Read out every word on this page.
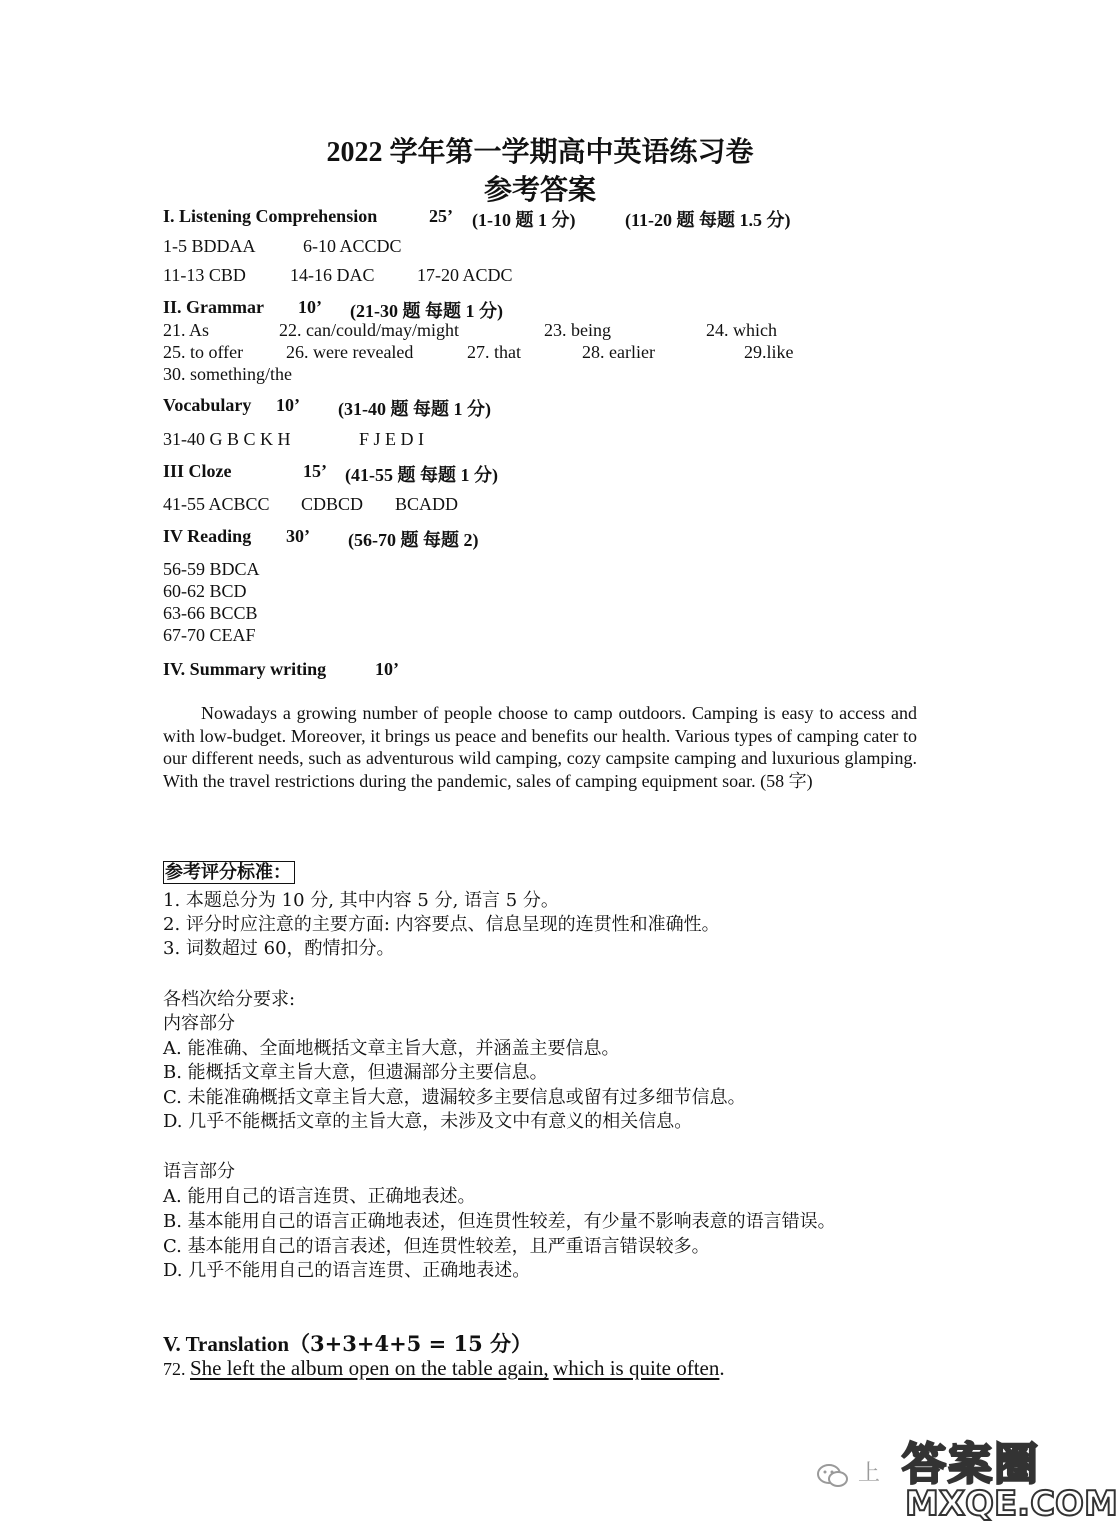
2022 学年第一学期高中英语练习卷
参考答案
I. Listening Comprehension	25’ (1-10 题 1 分)	(11-20 题 每题 1.5 分)
1-5 BDDAA	6-10 ACCDC
11-13 CBD 14-16 DAC 17-20 ACDC
II. Grammar 10’ (21-30 题 每题 1 分)
21. As	22. can/could/may/might	23. being	24. which
25. to offer 26. were revealed	27. that	28. earlier	29.like
30. something/the
Vocabulary 10’ (31-40 题 每题 1 分)
31-40 G B C K H	F J E D I
III Cloze	15’ (41-55 题 每题 1 分)
41-55 ACBCC CDBCD BCADD
IV Reading 30’ (56-70 题 每题 2)
56-59 BDCA
60-62 BCD
63-66 BCCB
67-70 CEAF
IV. Summary writing	10’
Nowadays a growing number of people choose to camp outdoors. Camping is easy to access and with low-budget. Moreover, it brings us peace and benefits our health. Various types of camping cater to our different needs, such as adventurous wild camping, cozy campsite camping and luxurious glamping. With the travel restrictions during the pandemic, sales of camping equipment soar. (58 字)
参考评分标准：
1. 本题总分为 10 分, 其中内容 5 分, 语言 5 分。
2. 评分时应注意的主要方面: 内容要点、信息呈现的连贯性和准确性。
3. 词数超过 60，酌情扣分。
各档次给分要求:
内容部分
A. 能准确、全面地概括文章主旨大意，并涵盖主要信息。
B. 能概括文章主旨大意，但遗漏部分主要信息。
C. 未能准确概括文章主旨大意，遗漏较多主要信息或留有过多细节信息。
D. 几乎不能概括文章的主旨大意，未涉及文中有意义的相关信息。
语言部分
A. 能用自己的语言连贯、正确地表述。
B. 基本能用自己的语言正确地表述，但连贯性较差，有少量不影响表意的语言错误。
C. 基本能用自己的语言表述，但连贯性较差，且严重语言错误较多。
D. 几乎不能用自己的语言连贯、正确地表述。
V. Translation（3+3+4+5 = 15 分）
72. She left the album open on the table again, which is quite often.
上 答案圈
MXQE.COM
